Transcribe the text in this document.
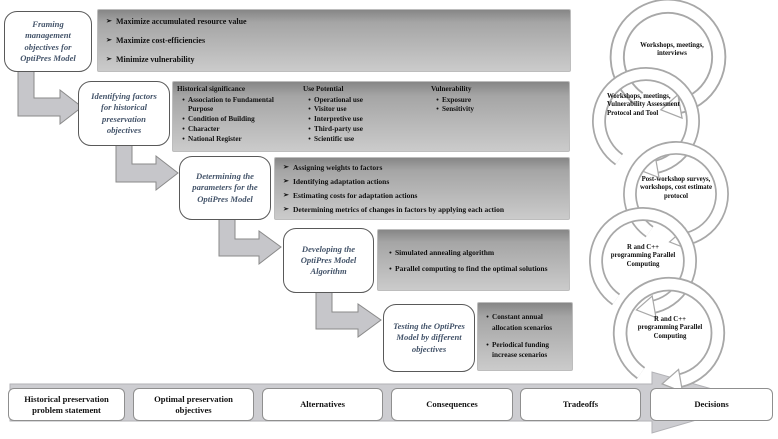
Framing management objectives for OptiPres Model
Identifying factors for historical preservation objectives
Determining the parameters for the OptiPres Model
Developing the OptiPres Model Algorithm
Testing the OptiPres Model by different objectives
➢ Maximize accumulated resource value
➢ Maximize cost-efficiencies
➢ Minimize vulnerability
Historical significance
• Association to Fundamental Purpose
• Condition of Building
• Character
• National Register
Use Potential
• Operational use
• Visitor use
• Interpretive use
• Third-party use
• Scientific use
Vulnerability
• Exposure
• Sensitivity
➢ Assigning weights to factors
➢ Identifying adaptation actions
➢ Estimating costs for adaptation actions
➢ Determining metrics of changes in factors by applying each action
• Simulated annealing algorithm
• Parallel computing to find the optimal solutions
• Constant annual allocation scenarios
• Periodical funding increase scenarios
Workshops, meetings, interviews
Workshops, meetings, Vulnerability Assessment Protocol and Tool
Post-workshop surveys, workshops, cost estimate protocol
R and C++ programming Parallel Computing
R and C++ programming Parallel Computing
Historical preservation problem statement
Optimal preservation objectives
Alternatives	Consequences	Tradeoffs	Decisions
